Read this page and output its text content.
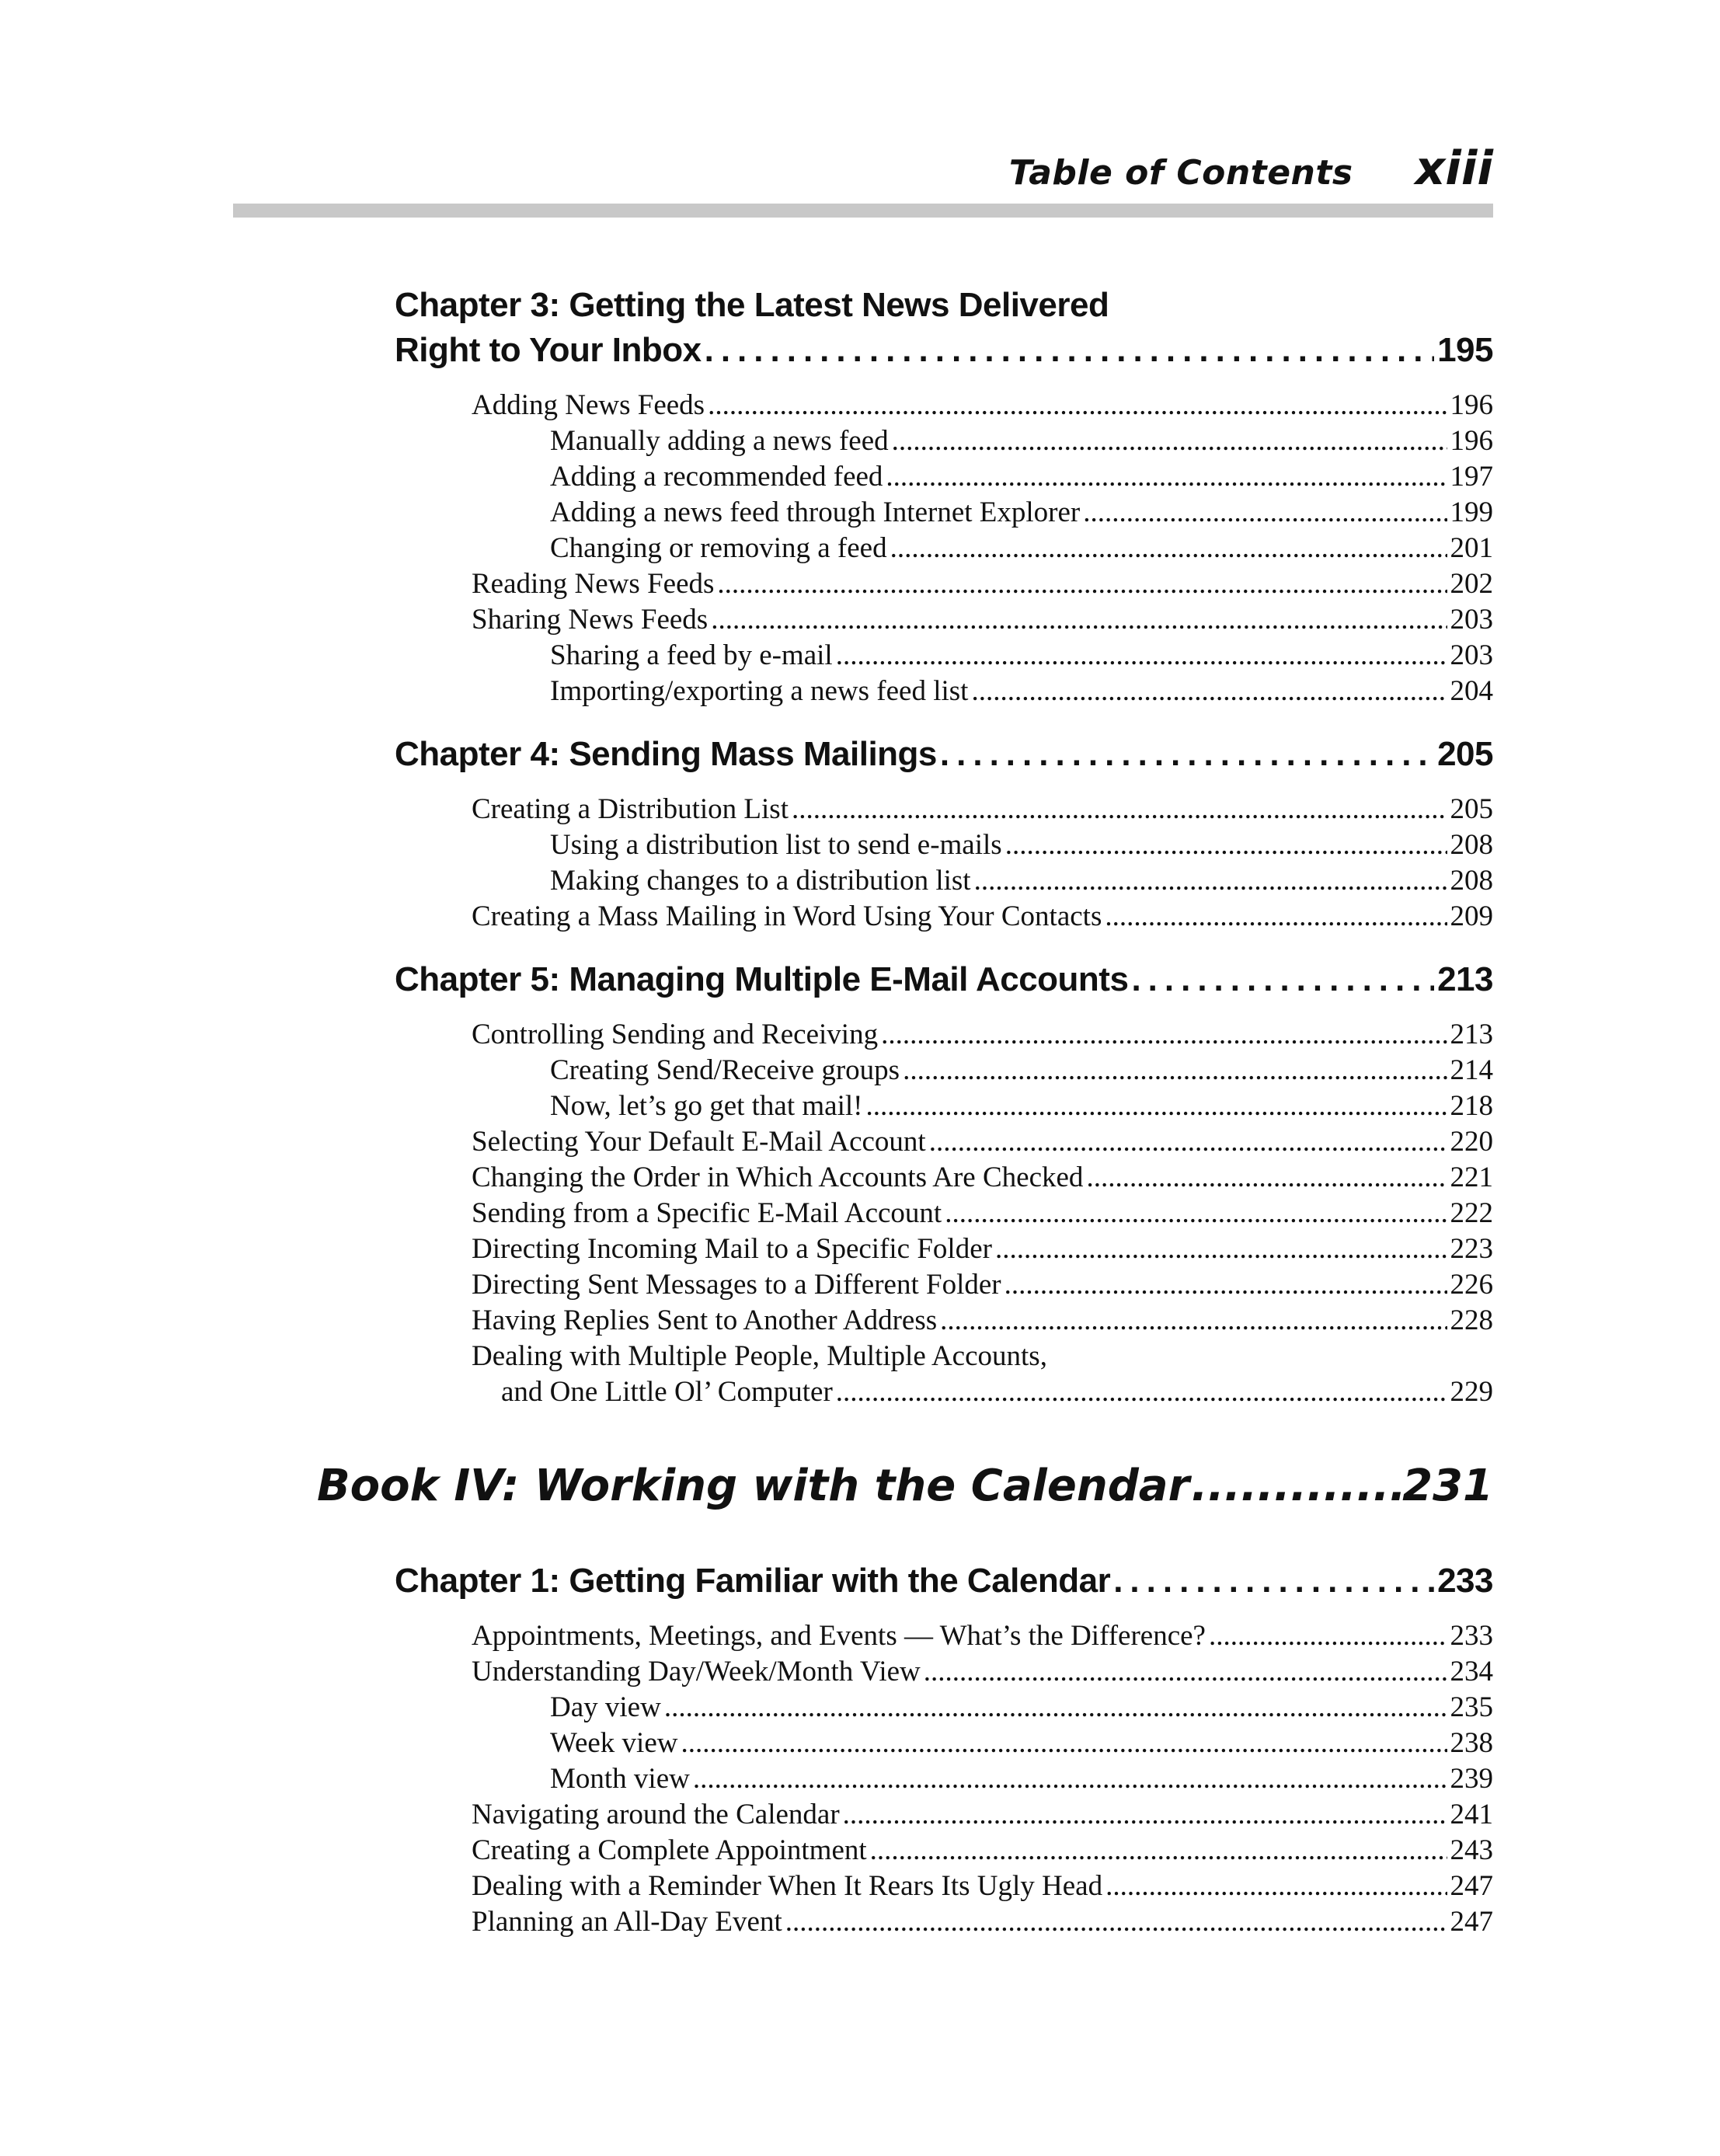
Table of Contents xiii
Chapter 3: Getting the Latest News Delivered
Right to Your Inbox .....	195
Adding News Feeds .....	196
Manually adding a news feed .....	196
Adding a recommended feed .....	197
Adding a news feed through Internet Explorer .....	199
Changing or removing a feed .....	201
Reading News Feeds .....	202
Sharing News Feeds .....	203
Sharing a feed by e-mail .....	203
Importing/exporting a news feed list .....	204
Chapter 4: Sending Mass Mailings .....	205
Creating a Distribution List .....	205
Using a distribution list to send e-mails .....	208
Making changes to a distribution list .....	208
Creating a Mass Mailing in Word Using Your Contacts .....	209
Chapter 5: Managing Multiple E-Mail Accounts .....	213
Controlling Sending and Receiving .....	213
Creating Send/Receive groups .....	214
Now, let’s go get that mail! .....	218
Selecting Your Default E-Mail Account .....	220
Changing the Order in Which Accounts Are Checked .....	221
Sending from a Specific E-Mail Account .....	222
Directing Incoming Mail to a Specific Folder .....	223
Directing Sent Messages to a Different Folder .....	226
Having Replies Sent to Another Address .....	228
Dealing with Multiple People, Multiple Accounts,
and One Little Ol’ Computer .....	229
Book IV: Working with the Calendar .....	231
Chapter 1: Getting Familiar with the Calendar .....	233
Appointments, Meetings, and Events — What’s the Difference? .....	233
Understanding Day/Week/Month View .....	234
Day view .....	235
Week view .....	238
Month view .....	239
Navigating around the Calendar .....	241
Creating a Complete Appointment .....	243
Dealing with a Reminder When It Rears Its Ugly Head .....	247
Planning an All-Day Event .....	247
